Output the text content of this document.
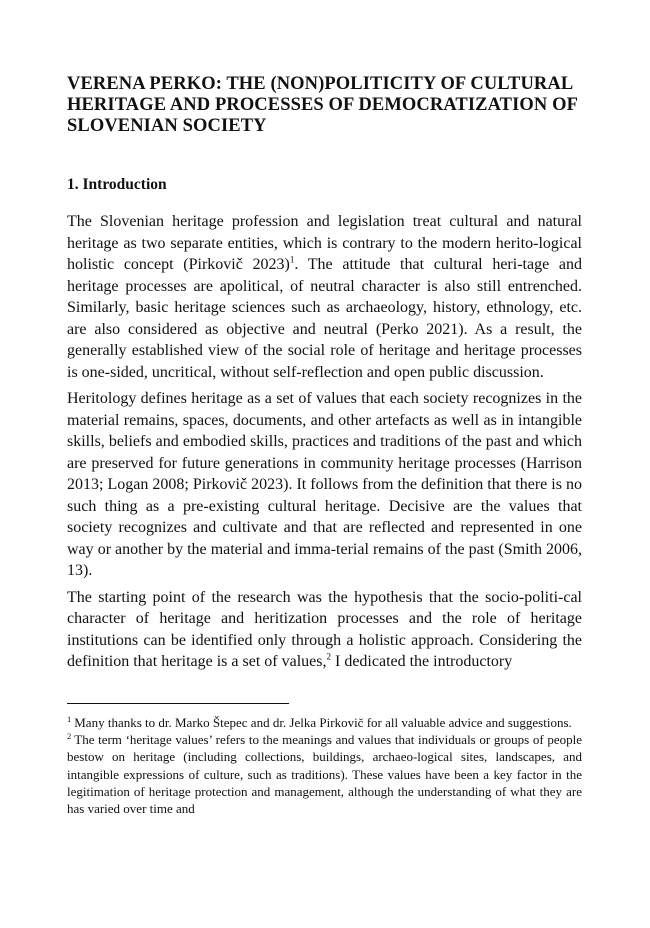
VERENA PERKO: THE (NON)POLITICITY OF CULTURAL HERITAGE AND PROCESSES OF DEMOCRATIZATION OF SLOVENIAN SOCIETY
1. Introduction

The Slovenian heritage profession and legislation treat cultural and natural heritage as two separate entities, which is contrary to the modern herito-logical holistic concept (Pirkovič 2023)$^1$. The attitude that cultural heri-tage and heritage processes are apolitical, of neutral character is also still entrenched. Similarly, basic heritage sciences such as archaeology, history, ethnology, etc. are also considered as objective and neutral (Perko 2021). As a result, the generally established view of the social role of heritage and heritage processes is one-sided, uncritical, without self-reflection and open public discussion.

Heritology defines heritage as a set of values that each society recognizes in the material remains, spaces, documents, and other artefacts as well as in intangible skills, beliefs and embodied skills, practices and traditions of the past and which are preserved for future generations in community heritage processes (Harrison 2013; Logan 2008; Pirkovič 2023). It follows from the definition that there is no such thing as a pre-existing cultural heritage. Decisive are the values that society recognizes and cultivate and that are reflected and represented in one way or another by the material and imma-terial remains of the past (Smith 2006, 13).

The starting point of the research was the hypothesis that the socio-politi-cal character of heritage and heritization processes and the role of heritage institutions can be identified only through a holistic approach. Considering the definition that heritage is a set of values,$^2$ I dedicated the introductory

$^1$ Many thanks to dr. Marko Štepec and dr. Jelka Pirkovič for all valuable advice and suggestions.

$^2$ The term ‘heritage values’ refers to the meanings and values that individuals or groups of people bestow on heritage (including collections, buildings, archaeo-logical sites, landscapes, and intangible expressions of culture, such as traditions). These values have been a key factor in the legitimation of heritage protection and management, although the understanding of what they are has varied over time and
